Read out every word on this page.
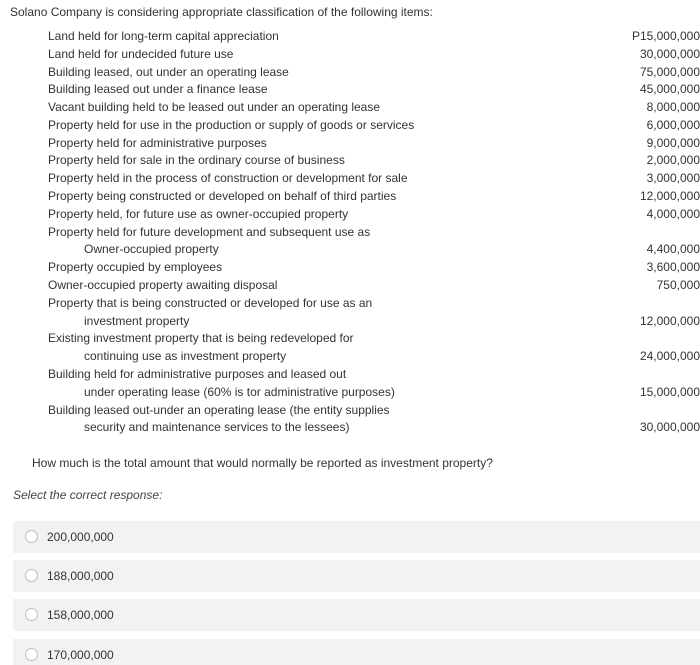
Solano Company is considering appropriate classification of the following items:
Land held for long-term capital appreciation	P15,000,000
Land held for undecided future use	30,000,000
Building leased, out under an operating lease	75,000,000
Building leased out under a finance lease	45,000,000
Vacant building held to be leased out under an operating lease	8,000,000
Property held for use in the production or supply of goods or services	6,000,000
Property held for administrative purposes	9,000,000
Property held for sale in the ordinary course of business	2,000,000
Property held in the process of construction or development for sale	3,000,000
Property being constructed or developed on behalf of third parties	12,000,000
Property held, for future use as owner-occupied property	4,000,000
Property held for future development and subsequent use as
Owner-occupied property	4,400,000
Property occupied by employees	3,600,000
Owner-occupied property awaiting disposal	750,000
Property that is being constructed or developed for use as an
investment property	12,000,000
Existing investment property that is being redeveloped for
continuing use as investment property	24,000,000
Building held for administrative purposes and leased out
under operating lease (60% is tor administrative purposes)	15,000,000
Building leased out-under an operating lease (the entity supplies
security and maintenance services to the lessees)	30,000,000
How much is the total amount that would normally be reported as investment property?
Select the correct response:
200,000,000
188,000,000
158,000,000
170,000,000
